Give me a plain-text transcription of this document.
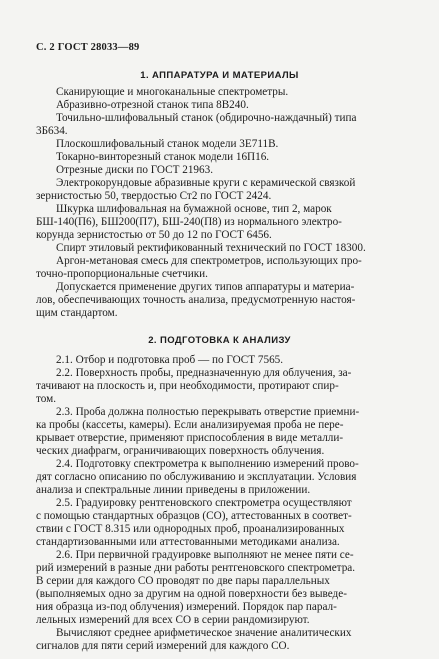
С. 2 ГОСТ 28033—89
1. АППАРАТУРА И МАТЕРИАЛЫ
2. ПОДГОТОВКА К АНАЛИЗУ
Сканирующие и многоканальные спектрометры.
Абразивно-отрезной станок типа 8В240.
Точильно-шлифовальный станок (обдирочно-наждачный) типа
3Б634.
Плоскошлифовальный станок модели 3Е711В.
Токарно-винторезный станок модели 16П16.
Отрезные диски по ГОСТ 21963.
Электрокорундовые абразивные круги с керамической связкой
зернистостью 50, твердостью Ст2 по ГОСТ 2424.
Шкурка шлифовальная на бумажной основе, тип 2, марок
БШ-140(П6), БШ200(П7), БШ-240(П8) из нормального электро-
корунда зернистостью от 50 до 12 по ГОСТ 6456.
Спирт этиловый ректификованный технический по ГОСТ 18300.
Аргон-метановая смесь для спектрометров, использующих про-
точно-пропорциональные счетчики.
Допускается применение других типов аппаратуры и материа-
лов, обеспечивающих точность анализа, предусмотренную настоя-
щим стандартом.
2.1. Отбор и подготовка проб — по ГОСТ 7565.
2.2. Поверхность пробы, предназначенную для облучения, за-
тачивают на плоскость и, при необходимости, протирают спир-
том.
2.3. Проба должна полностью перекрывать отверстие приемни-
ка пробы (кассеты, камеры). Если анализируемая проба не пере-
крывает отверстие, применяют приспособления в виде металли-
ческих диафрагм, ограничивающих поверхность облучения.
2.4. Подготовку спектрометра к выполнению измерений прово-
дят согласно описанию по обслуживанию и эксплуатации. Условия
анализа и спектральные линии приведены в приложении.
2.5. Градуировку рентгеновского спектрометра осуществляют
с помощью стандартных образцов (СО), аттестованных в соответ-
ствии с ГОСТ 8.315 или однородных проб, проанализированных
стандартизованными или аттестованными методиками анализа.
2.6. При первичной градуировке выполняют не менее пяти се-
рий измерений в разные дни работы рентгеновского спектрометра.
В серии для каждого СО проводят по две пары параллельных
(выполняемых одно за другим на одной поверхности без выведе-
ния образца из-под облучения) измерений. Порядок пар парал-
лельных измерений для всех СО в серии рандомизируют.
Вычисляют среднее арифметическое значение аналитических
сигналов для пяти серий измерений для каждого СО.
